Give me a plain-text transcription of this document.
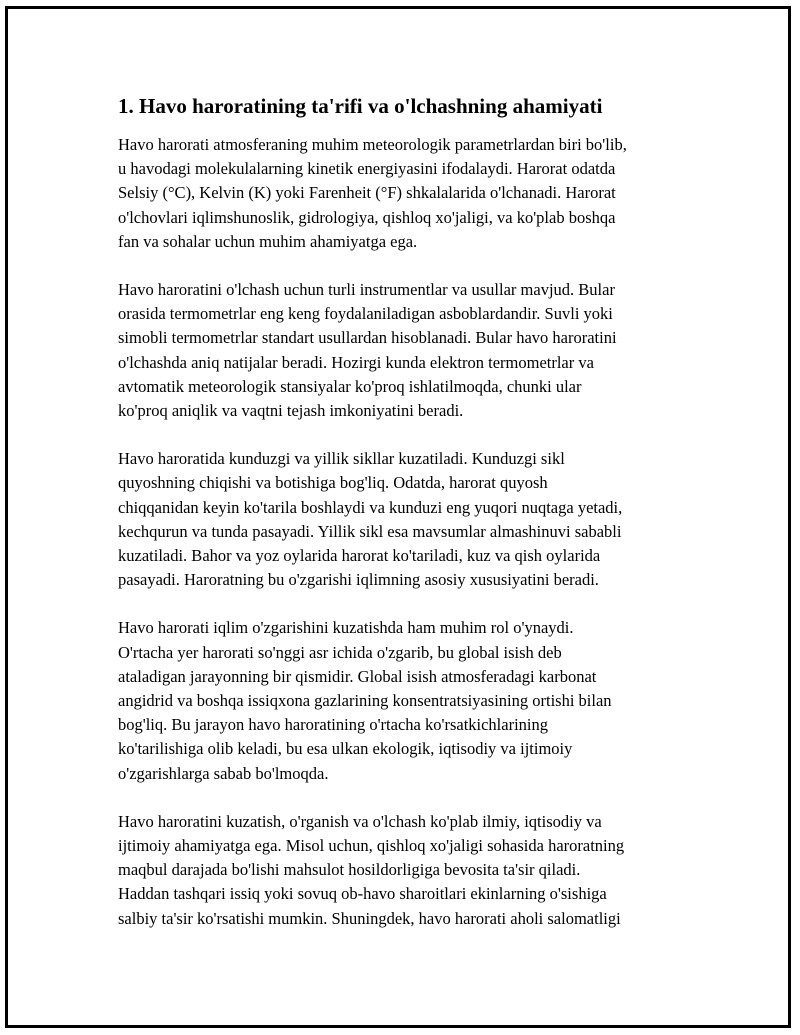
1. Havo haroratining ta'rifi va o'lchashning ahamiyati

Havo harorati atmosferaning muhim meteorologik parametrlardan biri bo'lib,
u havodagi molekulalarning kinetik energiyasini ifodalaydi. Harorat odatda
Selsiy (°C), Kelvin (K) yoki Farenheit (°F) shkalalarida o'lchanadi. Harorat
o'lchovlari iqlimshunoslik, gidrologiya, qishloq xo'jaligi, va ko'plab boshqa
fan va sohalar uchun muhim ahamiyatga ega.

Havo haroratini o'lchash uchun turli instrumentlar va usullar mavjud. Bular
orasida termometrlar eng keng foydalaniladigan asboblardandir. Suvli yoki
simobli termometrlar standart usullardan hisoblanadi. Bular havo haroratini
o'lchashda aniq natijalar beradi. Hozirgi kunda elektron termometrlar va
avtomatik meteorologik stansiyalar ko'proq ishlatilmoqda, chunki ular
ko'proq aniqlik va vaqtni tejash imkoniyatini beradi.

Havo haroratida kunduzgi va yillik sikllar kuzatiladi. Kunduzgi sikl
quyoshning chiqishi va botishiga bog'liq. Odatda, harorat quyosh
chiqqanidan keyin ko'tarila boshlaydi va kunduzi eng yuqori nuqtaga yetadi,
kechqurun va tunda pasayadi. Yillik sikl esa mavsumlar almashinuvi sababli
kuzatiladi. Bahor va yoz oylarida harorat ko'tariladi, kuz va qish oylarida
pasayadi. Haroratning bu o'zgarishi iqlimning asosiy xususiyatini beradi.

Havo harorati iqlim o'zgarishini kuzatishda ham muhim rol o'ynaydi.
O'rtacha yer harorati so'nggi asr ichida o'zgarib, bu global isish deb
ataladigan jarayonning bir qismidir. Global isish atmosferadagi karbonat
angidrid va boshqa issiqxona gazlarining konsentratsiyasining ortishi bilan
bog'liq. Bu jarayon havo haroratining o'rtacha ko'rsatkichlarining
ko'tarilishiga olib keladi, bu esa ulkan ekologik, iqtisodiy va ijtimoiy
o'zgarishlarga sabab bo'lmoqda.

Havo haroratini kuzatish, o'rganish va o'lchash ko'plab ilmiy, iqtisodiy va
ijtimoiy ahamiyatga ega. Misol uchun, qishloq xo'jaligi sohasida haroratning
maqbul darajada bo'lishi mahsulot hosildorligiga bevosita ta'sir qiladi.
Haddan tashqari issiq yoki sovuq ob-havo sharoitlari ekinlarning o'sishiga
salbiy ta'sir ko'rsatishi mumkin. Shuningdek, havo harorati aholi salomatligi
